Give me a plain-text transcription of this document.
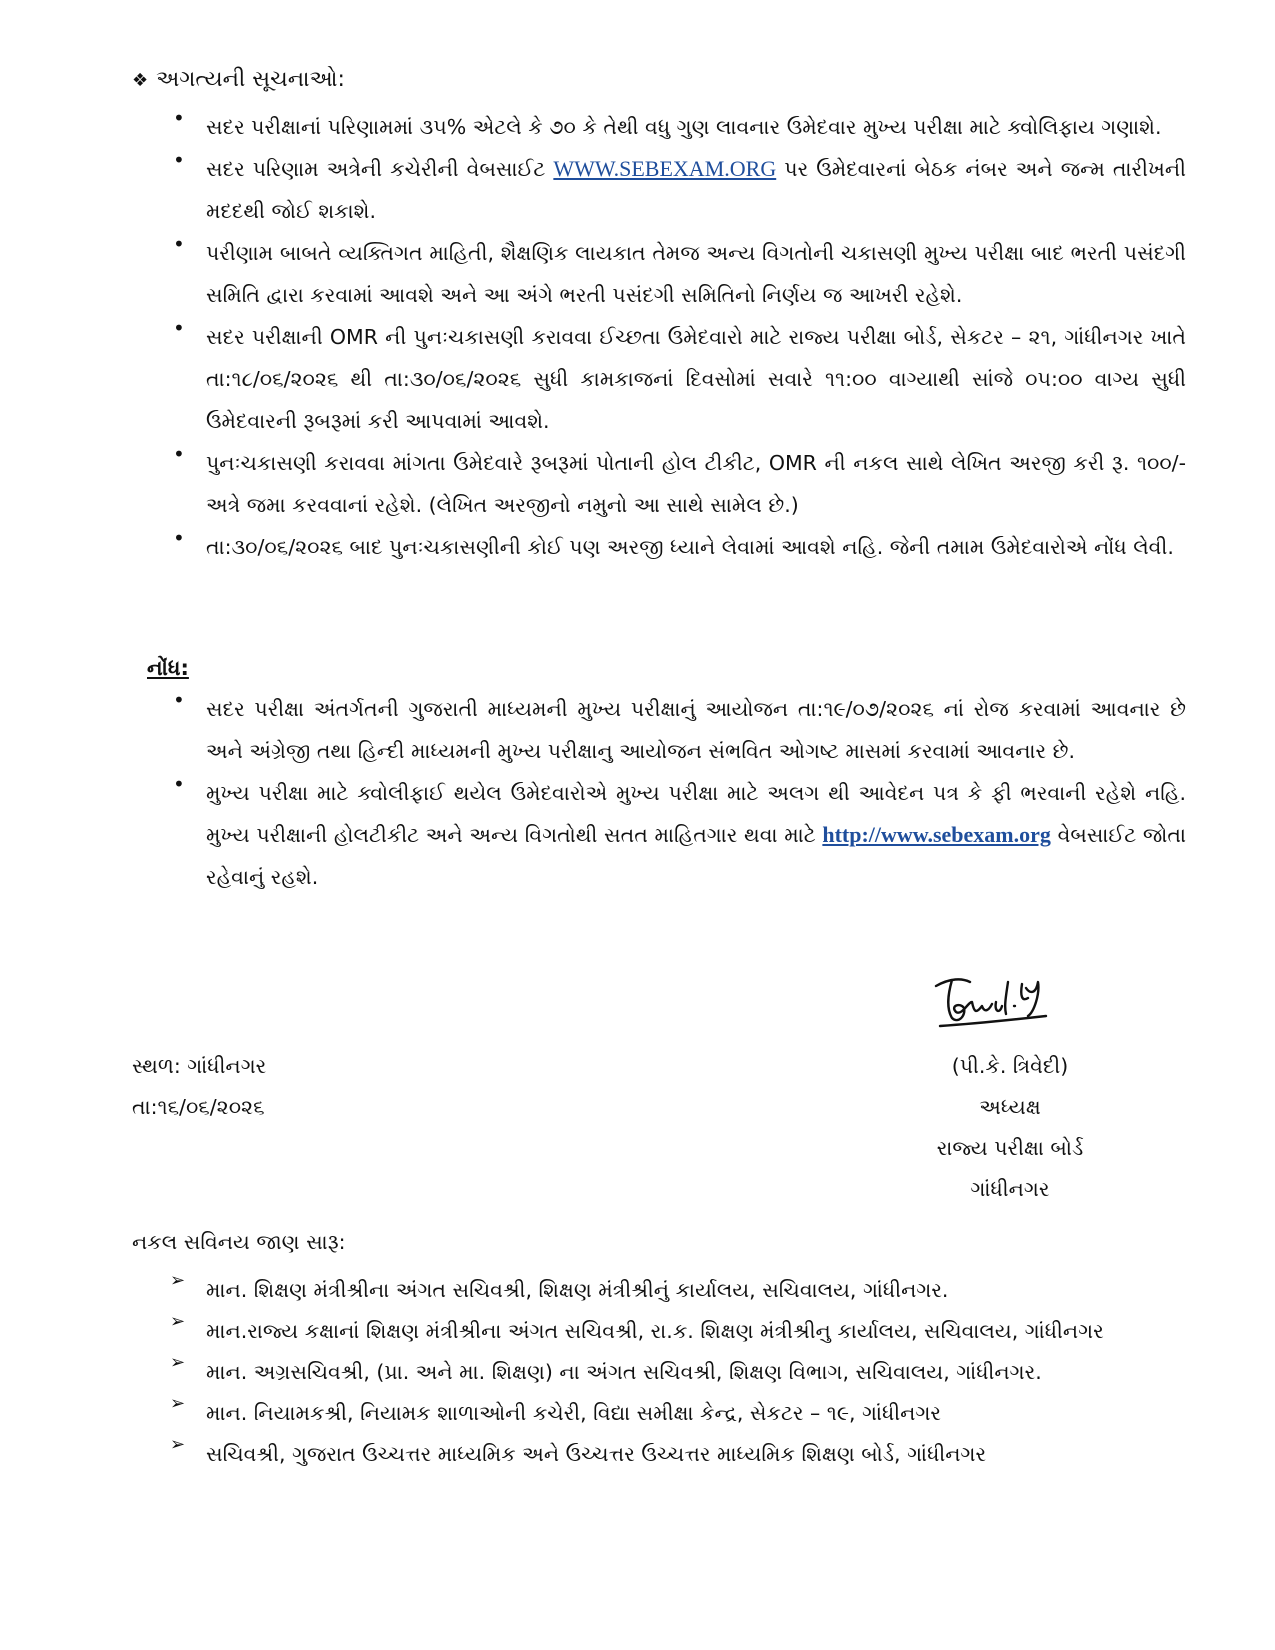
❖ અગત્યની સૂચનાઓ:
• સદર પરીક્ષાનાં પરિણામમાં ૩૫% એટલે કે ૭૦ કે તેથી વધુ ગુણ લાવનાર ઉમેદવાર મુખ્ય પરીક્ષા માટે ક્વોલિફાય ગણાશે.
• સદર પરિણામ અત્રેની કચેરીની વેબસાઈટ WWW.SEBEXAM.ORG પર ઉમેદવારનાં બેઠક નંબર અને જન્મ તારીખની મદદથી જોઈ શકાશે.
• પરીણામ બાબતે વ્યક્તિગત માહિતી, શૈક્ષણિક લાયકાત તેમજ અન્ય વિગતોની ચકાસણી મુખ્ય પરીક્ષા બાદ ભરતી પસંદગી સમિતિ દ્વારા કરવામાં આવશે અને આ અંગે ભરતી પસંદગી સમિતિનો નિર્ણય જ આખરી રહેશે.
• સદર પરીક્ષાની OMR ની પુનઃચકાસણી કરાવવા ઈચ્છતા ઉમેદવારો માટે રાજ્ય પરીક્ષા બોર્ડ, સેકટર – ૨૧, ગાંધીનગર ખાતે તા:૧૮/૦૬/૨૦૨૬ થી તા:૩૦/૦૬/૨૦૨૬ સુધી કામકાજનાં દિવસોમાં સવારે ૧૧:૦૦ વાગ્યાથી સાંજે ૦૫:૦૦ વાગ્ય સુધી ઉમેદવારની રૂબરૂમાં કરી આપવામાં આવશે.
• પુનઃચકાસણી કરાવવા માંગતા ઉમેદવારે રૂબરૂમાં પોતાની હોલ ટીકીટ, OMR ની નકલ સાથે લેખિત અરજી કરી રૂ. ૧૦૦/- અત્રે જમા કરવવાનાં રહેશે. (લેખિત અરજીનો નમુનો આ સાથે સામેલ છે.)
• તા:૩૦/૦૬/૨૦૨૬ બાદ પુનઃચકાસણીની કોઈ પણ અરજી ધ્યાને લેવામાં આવશે નહિ. જેની તમામ ઉમેદવારોએ નોંધ લેવી.
નોંધ:
• સદર પરીક્ષા અંતર્ગતની ગુજરાતી માધ્યમની મુખ્ય પરીક્ષાનું આયોજન તા:૧૯/૦૭/૨૦૨૬ નાં રોજ કરવામાં આવનાર છે અને અંગ્રેજી તથા હિન્દી માધ્યમની મુખ્ય પરીક્ષાનુ આયોજન સંભવિત ઓગષ્ટ માસમાં કરવામાં આવનાર છે.
• મુખ્ય પરીક્ષા માટે ક્વોલીફાઈ થયેલ ઉમેદવારોએ મુખ્ય પરીક્ષા માટે અલગ થી આવેદન પત્ર કે ફી ભરવાની રહેશે નહિ. મુખ્ય પરીક્ષાની હોલટીકીટ અને અન્ય વિગતોથી સતત માહિતગાર થવા માટે http://www.sebexam.org વેબસાઈટ જોતા રહેવાનું રહશે.
સ્થળ: ગાંધીનગર
તા:૧૬/૦૬/૨૦૨૬
(પી.કે. ત્રિવેદી)
અધ્યક્ષ
રાજ્ય પરીક્ષા બોર્ડ
ગાંધીનગર
નકલ સવિનય જાણ સારૂ:
➢ માન. શિક્ષણ મંત્રીશ્રીના અંગત સચિવશ્રી, શિક્ષણ મંત્રીશ્રીનું કાર્યાલય, સચિવાલય, ગાંધીનગર.
➢ માન.રાજ્ય કક્ષાનાં શિક્ષણ મંત્રીશ્રીના અંગત સચિવશ્રી, રા.ક. શિક્ષણ મંત્રીશ્રીનુ કાર્યાલય, સચિવાલય, ગાંધીનગર
➢ માન. અગ્રસચિવશ્રી, (પ્રા. અને મા. શિક્ષણ) ના અંગત સચિવશ્રી, શિક્ષણ વિભાગ, સચિવાલય, ગાંધીનગર.
➢ માન. નિયામકશ્રી, નિયામક શાળાઓની કચેરી, વિદ્યા સમીક્ષા કેન્દ્ર, સેકટર – ૧૯, ગાંધીનગર
➢ સચિવશ્રી, ગુજરાત ઉચ્ચત્તર માધ્યમિક અને ઉચ્ચત્તર ઉચ્ચત્તર માધ્યમિક શિક્ષણ બોર્ડ, ગાંધીનગર
